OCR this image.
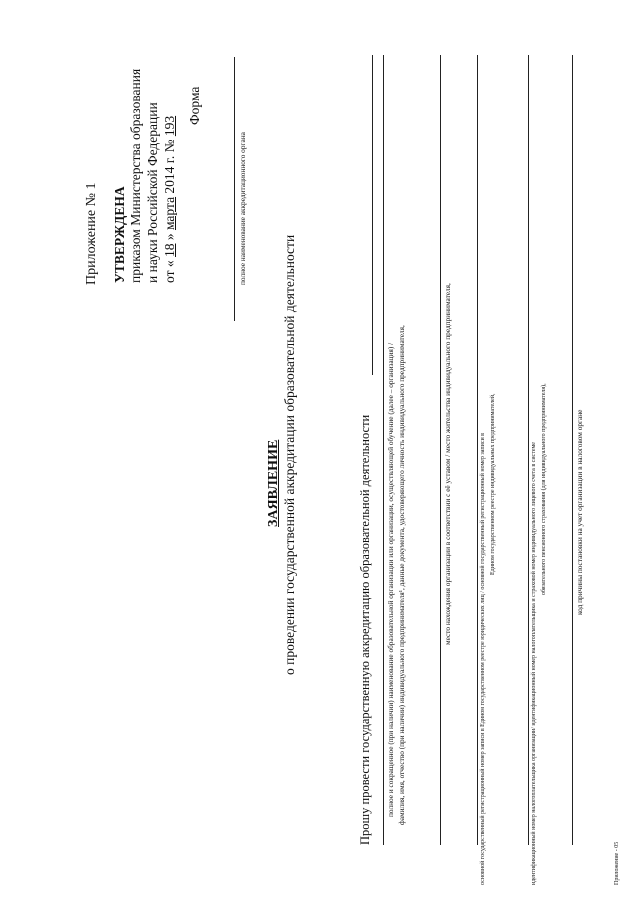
Приложение № 1 УТВЕРЖДЕНА приказом Министерства образования и науки Российской Федерации от « 18 » марта 2014 г. № 193
Форма
полное наименование аккредитационного органа
ЗАЯВЛЕНИЕ о проведении государственной аккредитации образовательной деятельности	Прошу провести государственную аккредитацию образовательной деятельности полное и сокращенное (при наличии) наименование образовательной организации или организации, осуществляющей обучение (далее – организация) / фамилия, имя, отчество (при наличии) индивидуального предпринимателя¹, данные документа, удостоверяющего личность индивидуального предпринимателя,	место нахождения организации в соответствии с её уставом / место жительства индивидуального предпринимателя,	основной государственный регистрационный номер записи в Едином государственном реестре юридических лиц / основной государственный регистрационный номер записи в Едином государственном реестре индивидуальных предпринимателей,	идентификационный номер налогоплательщика организации/ идентификационный номер налогоплательщика и страховой номер индивидуального лицевого счета в системе обязательного пенсионного страхования (для индивидуального предпринимателя),	код причины постановки на учет организации в налоговом органе
Приложение - 05
